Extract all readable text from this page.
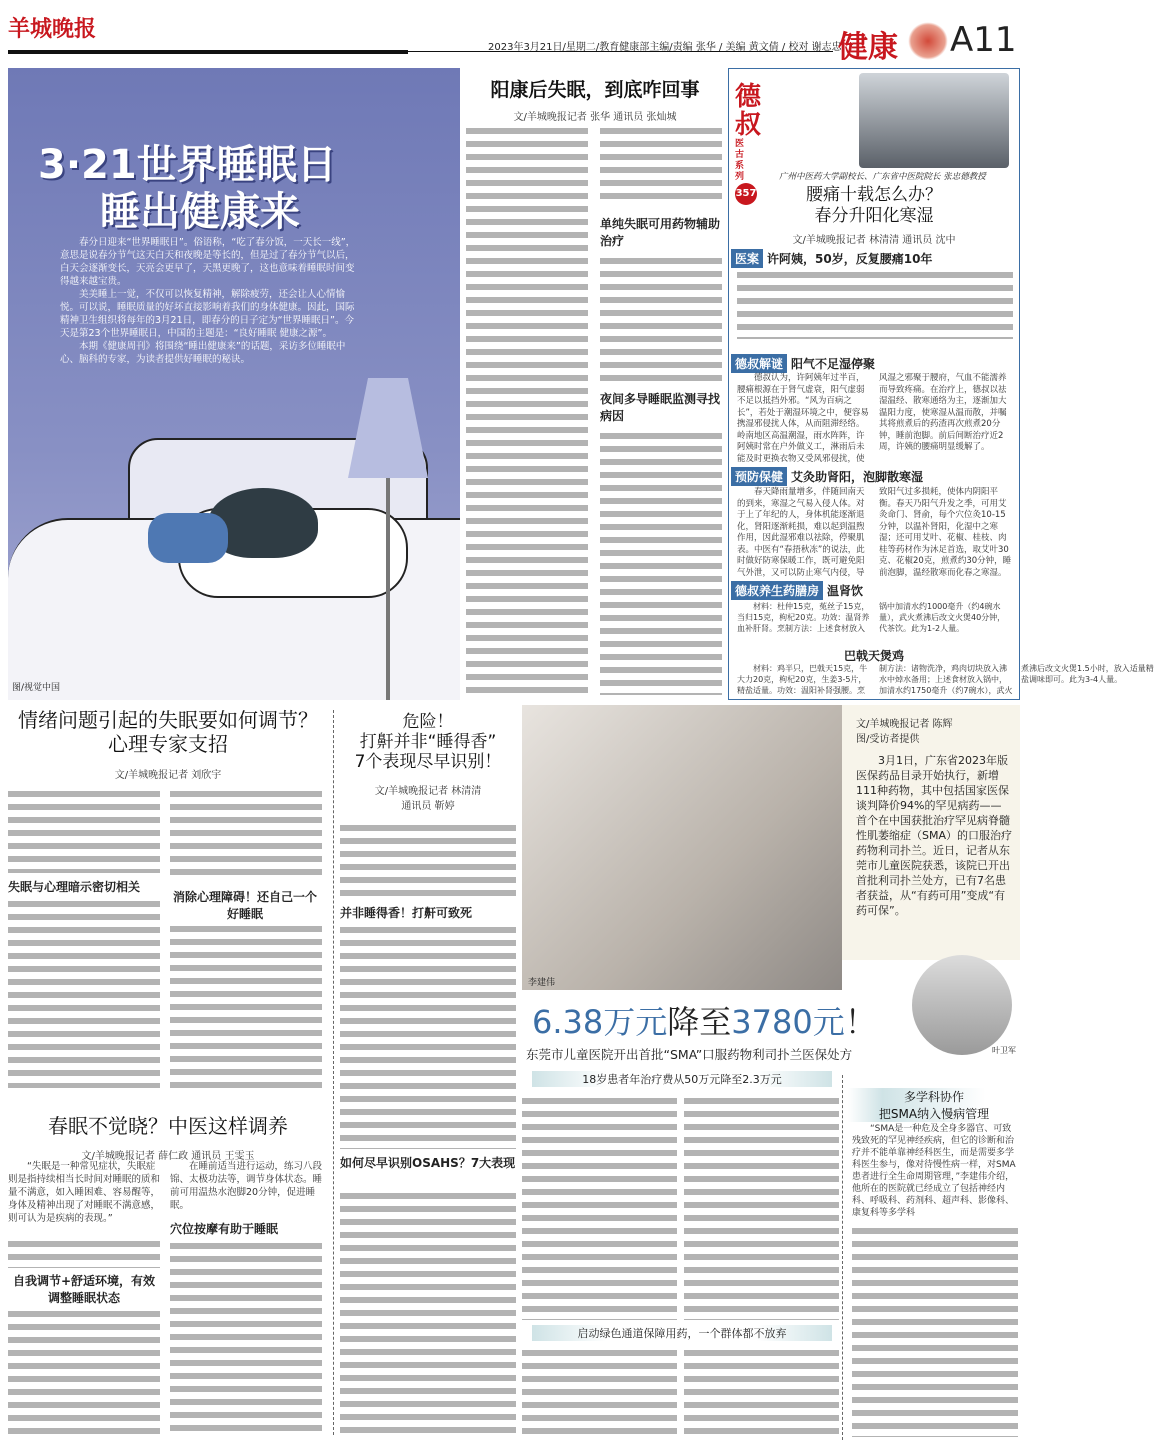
羊城晚报
2023年3月21日/星期二/教育健康部主编/责编 张华 / 美编 黄文倩 / 校对 谢志忠
健康 A11
3·21世界睡眠日
睡出健康来

春分日迎来“世界睡眠日”。俗语称，“吃了春分饭，一天长一线”，意思是说春分节气这天白天和夜晚是等长的，但是过了春分节气以后，白天会逐渐变长，天亮会更早了，天黑更晚了，这也意味着睡眠时间变得越来越宝贵。

美美睡上一觉，不仅可以恢复精神，解除疲劳，还会让人心情愉悦。可以说，睡眠质量的好坏直接影响着我们的身体健康。因此，国际精神卫生组织将每年的3月21日，即春分的日子定为“世界睡眠日”。今天是第23个世界睡眠日，中国的主题是：“良好睡眠 健康之源”。

本期《健康周刊》将围绕“睡出健康来”的话题，采访多位睡眠中心、脑科的专家，为读者提供好睡眠的秘诀。

图/视觉中国
阳康后失眠，到底咋回事
文/羊城晚报记者 张华 通讯员 张灿城
单纯失眠可用药物辅助治疗
夜间多导睡眠监测寻找病因
德叔
医古系列
357
广州中医药大学副校长、广东省中医院院长 张忠德教授
腰痛十载怎么办？
春分升阳化寒湿
文/羊城晚报记者 林清清 通讯员 沈中
医案 许阿姨，50岁，反复腰痛10年
德叔解谜 阳气不足湿停聚

德叔认为，许阿姨年过半百，腰痛根源在于肾气虚衰，阳气虚弱不足以抵挡外邪。“风为百病之长”，若处于潮湿环境之中，便容易携湿邪侵扰人体，从而阻滞经络。岭南地区高温潮湿，雨水阵阵，许阿姨时常在户外做义工，淋雨后未能及时更换衣物又受风邪侵扰，使风湿之邪聚于腰府，气血不能濡养而导致疼痛。在治疗上，德叔以祛湿温经、散寒通络为主，逐渐加大温阳力度，使寒湿从温而散，并嘱其将煎煮后的药渣再次煎煮20分钟，睡前泡脚。前后间断治疗近2周，许姨的腰痛明显缓解了。

预防保健 艾灸助肾阳，泡脚散寒湿

春天降雨量增多，伴随回南天的到来，寒湿之气易入侵人体。对于上了年纪的人，身体机能逐渐退化，肾阳逐渐耗损，难以起到温煦作用，因此湿邪难以祛除，停聚肌表。中医有“春捂秋冻”的说法，此时做好防寒保暖工作，既可避免阳气外泄，又可以防止寒气内侵，导致阳气过多损耗，使体内阴阳平衡。春天乃阳气升发之季，可用艾灸命门、肾俞，每个穴位灸10-15分钟，以温补肾阳，化湿中之寒湿；还可用艾叶、花椒、桂枝、肉桂等药材作为沐足首选，取艾叶30克、花椒20克，煎煮约30分钟，睡前泡脚，温经散寒而化春之寒湿。

德叔养生药膳房 温肾饮

材料：杜仲15克，菟丝子15克，当归15克，枸杞20克。功效：温肾养血补肝肾。烹制方法：上述食材放入锅中加清水约1000毫升（约4碗水量），武火煮沸后改文火煲40分钟，代茶饮。此为1-2人量。

巴戟天煲鸡

材料：鸡半只，巴戟天15克，牛大力20克，枸杞20克，生姜3-5片，精盐适量。功效：温阳补肾强腰。烹制方法：诸物洗净，鸡肉切块放入沸水中焯水备用；上述食材放入锅中，加清水约1750毫升（约7碗水），武火煮沸后改文火煲1.5小时，放入适量精盐调味即可。此为3-4人量。

情绪问题引起的失眠要如何调节？
心理专家支招
文/羊城晚报记者 刘欣宇
失眠与心理暗示密切相关
消除心理障碍！还自己一个好睡眠
危险！
打鼾并非“睡得香”
7个表现尽早识别！
文/羊城晚报记者 林清清
通讯员 靳婷
并非睡得香！打鼾可致死
如何尽早识别OSAHS？7大表现
李建伟
文/羊城晚报记者 陈辉
图/受访者提供

3月1日，广东省2023年版医保药品目录开始执行，新增111种药物，其中包括国家医保谈判降价94%的罕见病药——首个在中国获批治疗罕见病脊髓性肌萎缩症（SMA）的口服治疗药物利司扑兰。近日，记者从东莞市儿童医院获悉，该院已开出首批利司扑兰处方，已有7名患者获益，从“有药可用”变成“有药可保”。

叶卫军
6.38万元降至3780元！
东莞市儿童医院开出首批“SMA”口服药物利司扑兰医保处方
18岁患者年治疗费从50万元降至2.3万元
启动绿色通道保障用药，一个群体都不放弃
多学科协作
把SMA纳入慢病管理

“SMA是一种危及全身多器官、可致残致死的罕见神经疾病，但它的诊断和治疗并不能单靠神经科医生，而是需要多学科医生参与，像对待慢性病一样，对SMA患者进行全生命周期管理，”李建伟介绍，他所在的医院就已经成立了包括神经内科、呼吸科、药剂科、超声科、影像科、康复科等多学科

春眠不觉晓？中医这样调养
文/羊城晚报记者 薛仁政 通讯员 王雯玉

“失眠是一种常见症状，失眠症则是指持续相当长时间对睡眠的质和量不满意，如入睡困难、容易醒等，身体及精神出现了对睡眠不满意感，则可认为是疾病的表现。”

自我调节+舒适环境，有效调整睡眠状态

在睡前适当进行运动，练习八段锦、太极功法等，调节身体状态。睡前可用温热水泡脚20分钟，促进睡眠。

穴位按摩有助于睡眠
